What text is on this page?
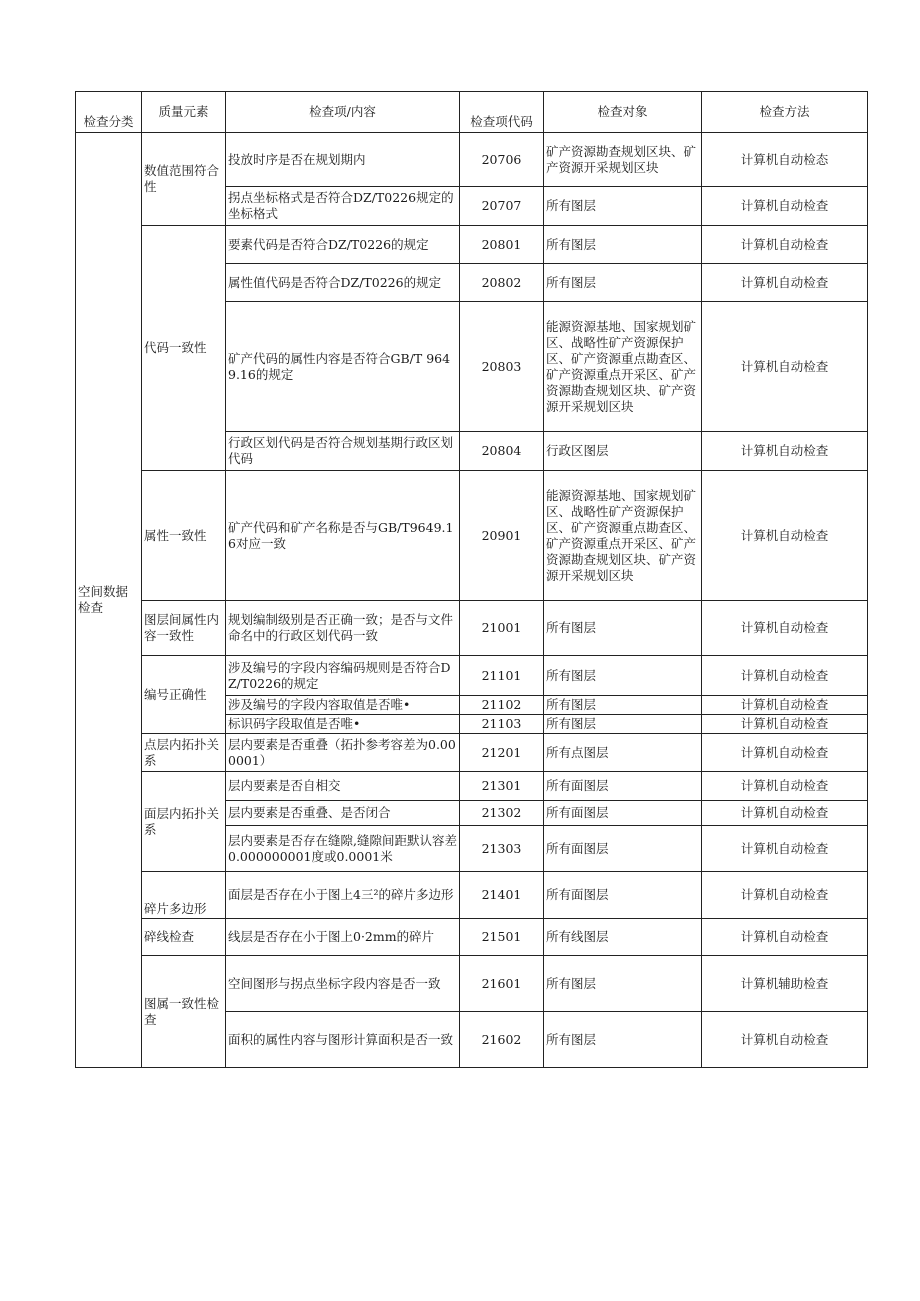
检查分类	质量元素	检查项/内容	检查项代码	检查对象	检查方法
空间数据检查	数值范围符合性	投放时序是否在规划期内	20706	矿产资源勘查规划区块、矿产资源开采规划区块	计算机自动检态
		拐点坐标格式是否符合DZ/T0226规定的坐标格式	20707	所有图层	计算机自动检查
	代码一致性	要素代码是否符合DZ/T0226的规定	20801	所有图层	计算机自动检查
		属性值代码是否符合DZ/T0226的规定	20802	所有图层	计算机自动检查
		矿产代码的属性内容是否符合GB/T 9649.16的规定	20803	能源资源基地、国家规划矿区、战略性矿产资源保护区、矿产资源重点勘查区、矿产资源重点开采区、矿产资源勘查规划区块、矿产资源开采规划区块	计算机自动检查
		行政区划代码是否符合规划基期行政区划代码	20804	行政区图层	计算机自动检查
	属性一致性	矿产代码和矿产名称是否与GB/T9649.16对应一致	20901	能源资源基地、国家规划矿区、战略性矿产资源保护区、矿产资源重点勘查区、矿产资源重点开采区、矿产资源勘查规划区块、矿产资源开采规划区块	计算机自动检查
	图层间属性内容一致性	规划编制级别是否正确一致；是否与文件命名中的行政区划代码一致	21001	所有图层	计算机自动检查
	编号正确性	涉及编号的字段内容编码规则是否符合DZ/T0226的规定	21101	所有图层	计算机自动检查
		涉及编号的字段内容取值是否唯•	21102	所有图层	计算机自动检查
		标识码字段取值是否唯•	21103	所有图层	计算机自动检查
	点层内拓扑关系	层内要素是否重叠（拓扑参考容差为0.000001）	21201	所有点图层	计算机自动检查
	面层内拓扑关系	层内要素是否自相交	21301	所有面图层	计算机自动检查
		层内要素是否重叠、是否闭合	21302	所有面图层	计算机自动检查
		层内要素是否存在缝隙,缝隙间距默认容差0.000000001度或0.0001米	21303	所有面图层	计算机自动检查
	碎片多边形	面层是否存在小于图上4三²的碎片多边形	21401	所有面图层	计算机自动检查
	碎线检查	线层是否存在小于图上0·2mm的碎片	21501	所有线图层	计算机自动检查
	图属一致性检查	空间图形与拐点坐标字段内容是否一致	21601	所有图层	计算机辅助检查
		面积的属性内容与图形计算面积是否一致	21602	所有图层	计算机自动检查
